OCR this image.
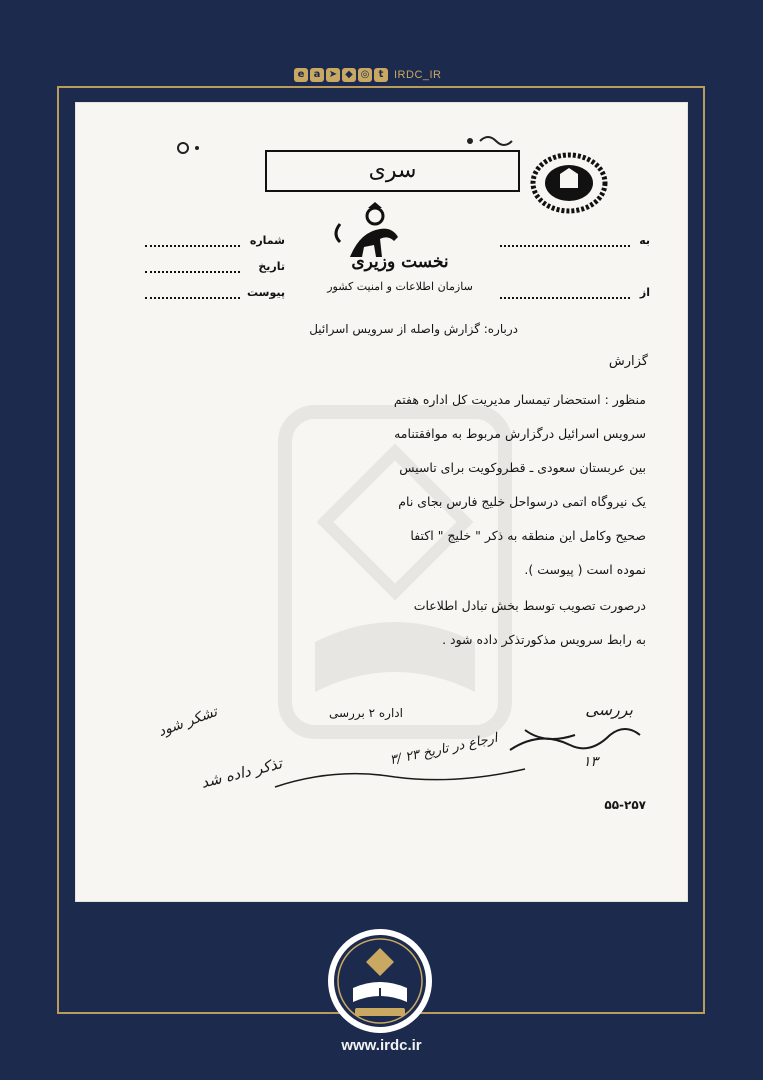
e a ➤ ◆ ◎ t IRDC_IR
سری
نخست وزیری
سازمان اطلاعات و امنیت کشور
شماره
تاریخ
پیوست
به
از
درباره: گزارش واصله از سرویس اسرائیل
گزارش
منظور : استحضار تیمسار مدیریت کل اداره هفتم
سرویس اسرائیل درگزارش مربوط به موافقتنامه
بین عربستان سعودی ـ قطروکویت برای تاسیس
یک نیروگاه اتمی درسواحل خلیج فارس بجای نام
صحیح وکامل این منطقه به ذکر " خلیج " اکتفا
نموده است ( پیوست ).
درصورت تصویب توسط بخش تبادل اطلاعات
به رابط سرویس مذکورتذکر داده شود .
اداره ۲ بررسی	بررسی
ارجاع در تاریخ ۲۳ /۳	۱۳
تشکر شود
تذکر داده شد
۵۵-۲۵۷
www.irdc.ir
